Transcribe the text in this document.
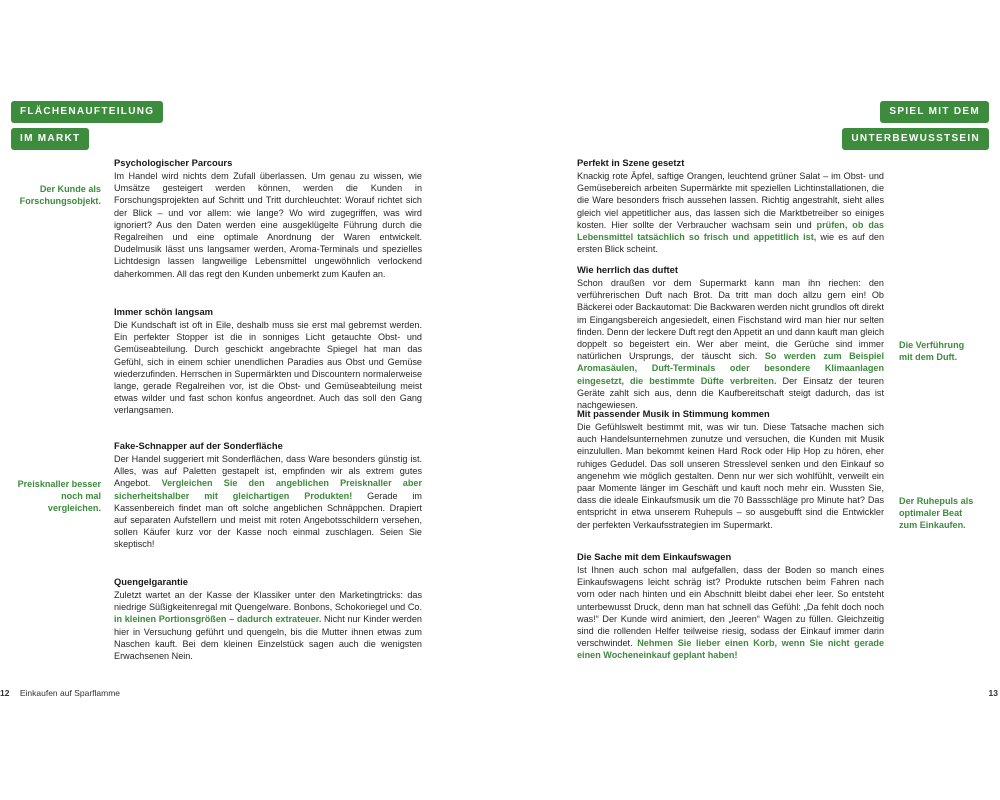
FLÄCHENAUFTEILUNG
IM MARKT
SPIEL MIT DEM
UNTERBEWUSSTSEIN
Der Kunde als Forschungsobjekt.
Preisknaller besser noch mal vergleichen.
Die Verführung mit dem Duft.
Der Ruhepuls als optimaler Beat zum Einkaufen.
Psychologischer Parcours

Im Handel wird nichts dem Zufall überlassen. Um genau zu wissen, wie Umsätze gesteigert werden können, werden die Kunden in Forschungsprojekten auf Schritt und Tritt durchleuchtet: Worauf richtet sich der Blick – und vor allem: wie lange? Wo wird zugegriffen, was wird ignoriert? Aus den Daten werden eine ausgeklügelte Führung durch die Regalreihen und eine optimale Anordnung der Waren entwickelt. Dudelmusik lässt uns langsamer werden, Aroma-Terminals und spezielles Lichtdesign lassen langweilige Lebensmittel ungewöhnlich verlockend daherkommen. All das regt den Kunden unbemerkt zum Kaufen an.

Immer schön langsam

Die Kundschaft ist oft in Eile, deshalb muss sie erst mal gebremst werden. Ein perfekter Stopper ist die in sonniges Licht getauchte Obst- und Gemüseabteilung. Durch geschickt angebrachte Spiegel hat man das Gefühl, sich in einem schier unendlichen Paradies aus Obst und Gemüse wiederzufinden. Herrschen in Supermärkten und Discountern normalerweise lange, gerade Regalreihen vor, ist die Obst- und Gemüseabteilung meist etwas wilder und fast schon konfus angeordnet. Auch das soll den Gang verlangsamen.

Fake-Schnapper auf der Sonderfläche

Der Handel suggeriert mit Sonderflächen, dass Ware besonders günstig ist. Alles, was auf Paletten gestapelt ist, empfinden wir als extrem gutes Angebot. Vergleichen Sie den angeblichen Preisknaller aber sicherheitshalber mit gleichartigen Produkten! Gerade im Kassenbereich findet man oft solche angeblichen Schnäppchen. Drapiert auf separaten Aufstellern und meist mit roten Angebotsschildern versehen, sollen Käufer kurz vor der Kasse noch einmal zuschlagen. Seien Sie skeptisch!

Quengelgarantie

Zuletzt wartet an der Kasse der Klassiker unter den Marketingtricks: das niedrige Süßigkeitenregal mit Quengelware. Bonbons, Schokoriegel und Co. in kleinen Portionsgrößen – dadurch extrateuer. Nicht nur Kinder werden hier in Versuchung geführt und quengeln, bis die Mutter ihnen etwas zum Naschen kauft. Bei dem kleinen Einzelstück sagen auch die wenigsten Erwachsenen Nein.

Perfekt in Szene gesetzt

Knackig rote Äpfel, saftige Orangen, leuchtend grüner Salat – im Obst- und Gemüsebereich arbeiten Supermärkte mit speziellen Lichtinstallationen, die die Ware besonders frisch aussehen lassen. Richtig angestrahlt, sieht alles gleich viel appetitlicher aus, das lassen sich die Marktbetreiber so einiges kosten. Hier sollte der Verbraucher wachsam sein und prüfen, ob das Lebensmittel tatsächlich so frisch und appetitlich ist, wie es auf den ersten Blick scheint.

Wie herrlich das duftet

Schon draußen vor dem Supermarkt kann man ihn riechen: den verführerischen Duft nach Brot. Da tritt man doch allzu gern ein! Ob Bäckerei oder Backautomat: Die Backwaren werden nicht grundlos oft direkt im Eingangsbereich angesiedelt, einen Fischstand wird man hier nur selten finden. Denn der leckere Duft regt den Appetit an und dann kauft man gleich doppelt so begeistert ein. Wer aber meint, die Gerüche sind immer natürlichen Ursprungs, der täuscht sich. So werden zum Beispiel Aromasäulen, Duft-Terminals oder besondere Klimaanlagen eingesetzt, die bestimmte Düfte verbreiten. Der Einsatz der teuren Geräte zahlt sich aus, denn die Kaufbereitschaft steigt dadurch, das ist nachgewiesen.

Mit passender Musik in Stimmung kommen

Die Gefühlswelt bestimmt mit, was wir tun. Diese Tatsache machen sich auch Handelsunternehmen zunutze und versuchen, die Kunden mit Musik einzulullen. Man bekommt keinen Hard Rock oder Hip Hop zu hören, eher ruhiges Gedudel. Das soll unseren Stresslevel senken und den Einkauf so angenehm wie möglich gestalten. Denn nur wer sich wohlfühlt, verweilt ein paar Momente länger im Geschäft und kauft noch mehr ein. Wussten Sie, dass die ideale Einkaufsmusik um die 70 Bassschläge pro Minute hat? Das entspricht in etwa unserem Ruhepuls – so ausgebufft sind die Entwickler der perfekten Verkaufsstrategien im Supermarkt.

Die Sache mit dem Einkaufswagen

Ist Ihnen auch schon mal aufgefallen, dass der Boden so manch eines Einkaufswagens leicht schräg ist? Produkte rutschen beim Fahren nach vorn oder nach hinten und ein Abschnitt bleibt dabei eher leer. So entsteht unterbewusst Druck, denn man hat schnell das Gefühl: „Da fehlt doch noch was!“ Der Kunde wird animiert, den „leeren“ Wagen zu füllen. Gleichzeitig sind die rollenden Helfer teilweise riesig, sodass der Einkauf immer darin verschwindet. Nehmen Sie lieber einen Korb, wenn Sie nicht gerade einen Wocheneinkauf geplant haben!

12 Einkaufen auf Sparflamme	13
